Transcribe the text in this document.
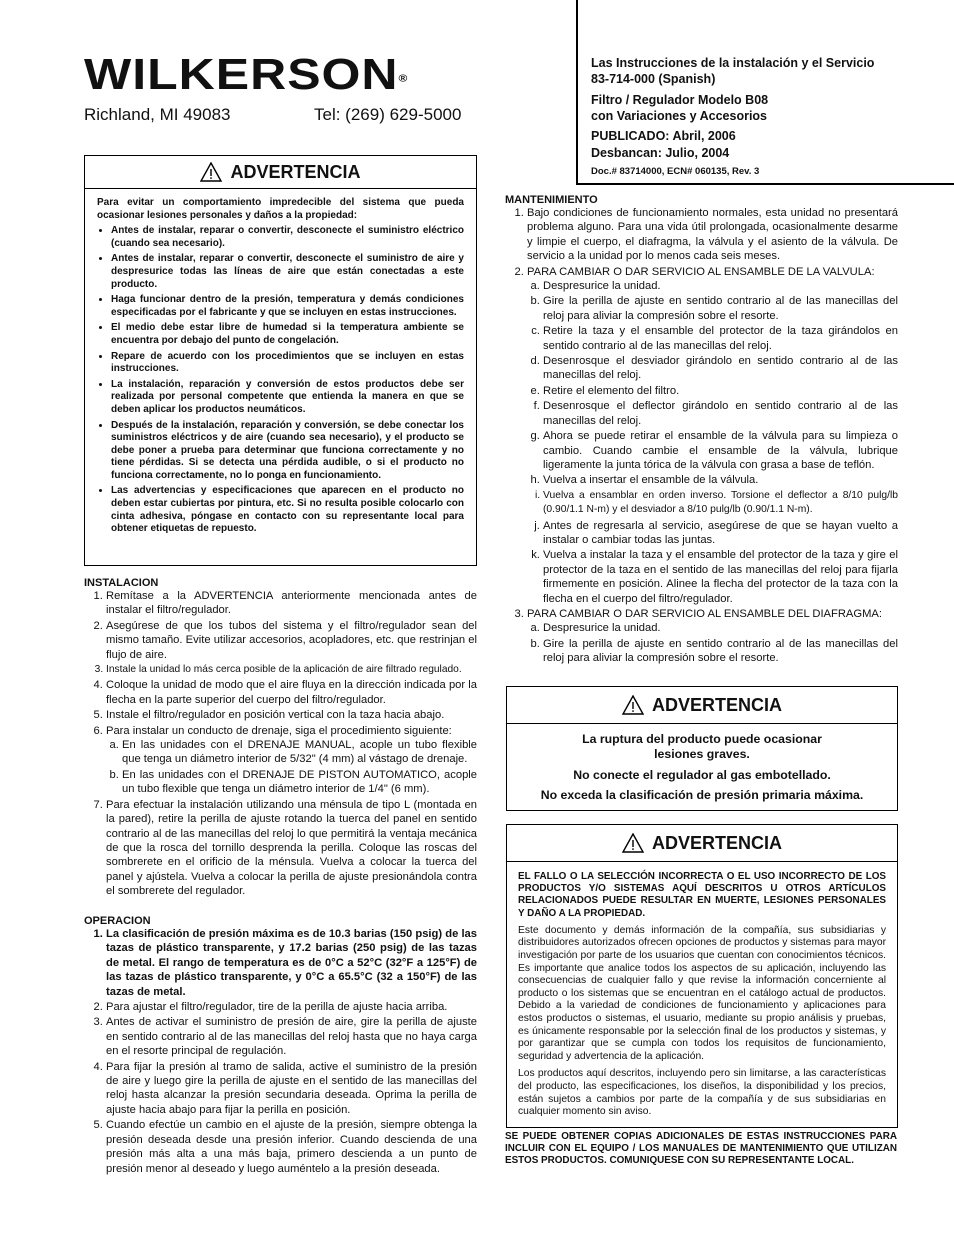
WILKERSON®
Richland, MI 49083	Tel: (269) 629-5000
Las Instrucciones de la instalación y el Servicio
83-714-000 (Spanish)
Filtro / Regulador Modelo B08
con Variaciones y Accesorios
PUBLICADO: Abril, 2006
Desbancan: Julio, 2004
Doc.# 83714000, ECN# 060135, Rev. 3
ADVERTENCIA
Para evitar un comportamiento impredecible del sistema que pueda ocasionar lesiones personales y daños a la propiedad:
• Antes de instalar, reparar o convertir, desconecte el suministro eléctrico (cuando sea necesario).
• Antes de instalar, reparar o convertir, desconecte el suministro de aire y despresurice todas las líneas de aire que están conectadas a este producto.
• Haga funcionar dentro de la presión, temperatura y demás condiciones especificadas por el fabricante y que se incluyen en estas instrucciones.
• El medio debe estar libre de humedad si la temperatura ambiente se encuentra por debajo del punto de congelación.
• Repare de acuerdo con los procedimientos que se incluyen en estas instrucciones.
• La instalación, reparación y conversión de estos productos debe ser realizada por personal competente que entienda la manera en que se deben aplicar los productos neumáticos.
• Después de la instalación, reparación y conversión, se debe conectar los suministros eléctricos y de aire (cuando sea necesario), y el producto se debe poner a prueba para determinar que funciona correctamente y no tiene pérdidas. Si se detecta una pérdida audible, o si el producto no funciona correctamente, no lo ponga en funcionamiento.
• Las advertencias y especificaciones que aparecen en el producto no deben estar cubiertas por pintura, etc. Si no resulta posible colocarlo con cinta adhesiva, póngase en contacto con su representante local para obtener etiquetas de repuesto.
INSTALACION
1. Remítase a la ADVERTENCIA anteriormente mencionada antes de instalar el filtro/regulador.
2. Asegúrese de que los tubos del sistema y el filtro/regulador sean del mismo tamaño. Evite utilizar accesorios, acopladores, etc. que restrinjan el flujo de aire.
3. Instale la unidad lo más cerca posible de la aplicación de aire filtrado regulado.
4. Coloque la unidad de modo que el aire fluya en la dirección indicada por la flecha en la parte superior del cuerpo del filtro/regulador.
5. Instale el filtro/regulador en posición vertical con la taza hacia abajo.
6. Para instalar un conducto de drenaje, siga el procedimiento siguiente:
a. En las unidades con el DRENAJE MANUAL, acople un tubo flexible que tenga un diámetro interior de 5/32" (4 mm) al vástago de drenaje.
b. En las unidades con el DRENAJE DE PISTON AUTOMATICO, acople un tubo flexible que tenga un diámetro interior de 1/4" (6 mm).
7. Para efectuar la instalación utilizando una ménsula de tipo L (montada en la pared), retire la perilla de ajuste rotando la tuerca del panel en sentido contrario al de las manecillas del reloj lo que permitirá la ventaja mecánica de que la rosca del tornillo desprenda la perilla. Coloque las roscas del sombrerete en el orificio de la ménsula. Vuelva a colocar la tuerca del panel y ajústela. Vuelva a colocar la perilla de ajuste presionándola contra el sombrerete del regulador.
OPERACION
1. La clasificación de presión máxima es de 10.3 barias (150 psig) de las tazas de plástico transparente, y 17.2 barias (250 psig) de las tazas de metal. El rango de temperatura es de 0°C a 52°C (32°F a 125°F) de las tazas de plástico transparente, y 0°C a 65.5°C (32 a 150°F) de las tazas de metal.
2. Para ajustar el filtro/regulador, tire de la perilla de ajuste hacia arriba.
3. Antes de activar el suministro de presión de aire, gire la perilla de ajuste en sentido contrario al de las manecillas del reloj hasta que no haya carga en el resorte principal de regulación.
4. Para fijar la presión al tramo de salida, active el suministro de la presión de aire y luego gire la perilla de ajuste en el sentido de las manecillas del reloj hasta alcanzar la presión secundaria deseada. Oprima la perilla de ajuste hacia abajo para fijar la perilla en posición.
5. Cuando efectúe un cambio en el ajuste de la presión, siempre obtenga la presión deseada desde una presión inferior. Cuando descienda de una presión más alta a una más baja, primero descienda a un punto de presión menor al deseado y luego auméntelo a la presión deseada.
MANTENIMIENTO
1. Bajo condiciones de funcionamiento normales, esta unidad no presentará problema alguno. Para una vida útil prolongada, ocasionalmente desarme y limpie el cuerpo, el diafragma, la válvula y el asiento de la válvula. De servicio a la unidad por lo menos cada seis meses.
2. PARA CAMBIAR O DAR SERVICIO AL ENSAMBLE DE LA VALVULA:
a. Despresurice la unidad.
b. Gire la perilla de ajuste en sentido contrario al de las manecillas del reloj para aliviar la compresión sobre el resorte.
c. Retire la taza y el ensamble del protector de la taza girándolos en sentido contrario al de las manecillas del reloj.
d. Desenrosque el desviador girándolo en sentido contrario al de las manecillas del reloj.
e. Retire el elemento del filtro.
f. Desenrosque el deflector girándolo en sentido contrario al de las manecillas del reloj.
g. Ahora se puede retirar el ensamble de la válvula para su limpieza o cambio. Cuando cambie el ensamble de la válvula, lubrique ligeramente la junta tórica de la válvula con grasa a base de teflón.
h. Vuelva a insertar el ensamble de la válvula.
i. Vuelva a ensamblar en orden inverso. Torsione el deflector a 8/10 pulg/lb (0.90/1.1 N-m) y el desviador a 8/10 pulg/lb (0.90/1.1 N-m).
j. Antes de regresarla al servicio, asegúrese de que se hayan vuelto a instalar o cambiar todas las juntas.
k. Vuelva a instalar la taza y el ensamble del protector de la taza y gire el protector de la taza en el sentido de las manecillas del reloj para fijarla firmemente en posición. Alinee la flecha del protector de la taza con la flecha en el cuerpo del filtro/regulador.
3. PARA CAMBIAR O DAR SERVICIO AL ENSAMBLE DEL DIAFRAGMA:
a. Despresurice la unidad.
b. Gire la perilla de ajuste en sentido contrario al de las manecillas del reloj para aliviar la compresión sobre el resorte.
ADVERTENCIA
La ruptura del producto puede ocasionar
lesiones graves.
No conecte el regulador al gas embotellado.
No exceda la clasificación de presión primaria máxima.
ADVERTENCIA
EL FALLO O LA SELECCIÓN INCORRECTA O EL USO INCORRECTO DE LOS PRODUCTOS Y/O SISTEMAS AQUÍ DESCRITOS U OTROS ARTÍCULOS RELACIONADOS PUEDE RESULTAR EN MUERTE, LESIONES PERSONALES Y DAÑO A LA PROPIEDAD.
Este documento y demás información de la compañía, sus subsidiarias y distribuidores autorizados ofrecen opciones de productos y sistemas para mayor investigación por parte de los usuarios que cuentan con conocimientos técnicos. Es importante que analice todos los aspectos de su aplicación, incluyendo las consecuencias de cualquier fallo y que revise la información concerniente al producto o los sistemas que se encuentran en el catálogo actual de productos. Debido a la variedad de condiciones de funcionamiento y aplicaciones para estos productos o sistemas, el usuario, mediante su propio análisis y pruebas, es únicamente responsable por la selección final de los productos y sistemas, y por garantizar que se cumpla con todos los requisitos de funcionamiento, seguridad y advertencia de la aplicación.
Los productos aquí descritos, incluyendo pero sin limitarse, a las características del producto, las especificaciones, los diseños, la disponibilidad y los precios, están sujetos a cambios por parte de la compañía y de sus subsidiarias en cualquier momento sin aviso.
SE PUEDE OBTENER COPIAS ADICIONALES DE ESTAS INSTRUCCIONES PARA INCLUIR CON EL EQUIPO / LOS MANUALES DE MANTENIMIENTO QUE UTILIZAN ESTOS PRODUCTOS. COMUNIQUESE CON SU REPRESENTANTE LOCAL.
